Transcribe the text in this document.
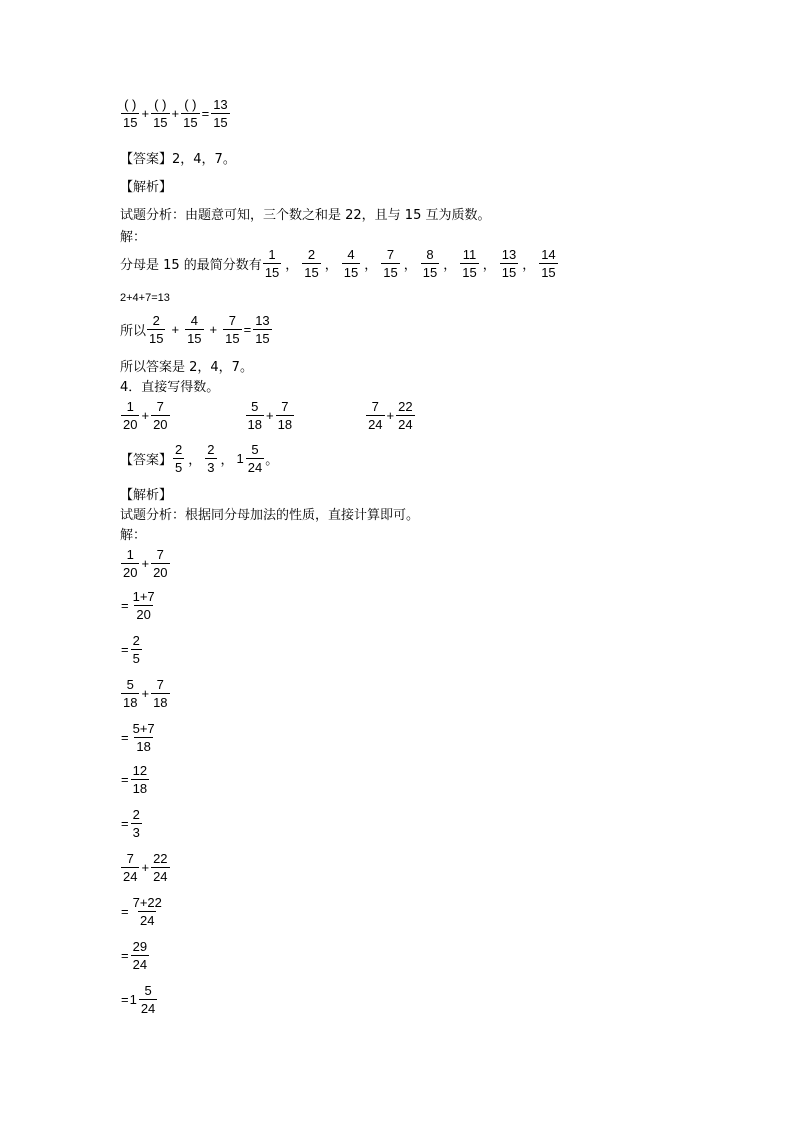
( )
15
+
( )
15
+
( )
15
= $\frac{13}{15}$
【答案】2，4，7。
【解析】
试题分析：由题意可知，三个数之和是 22，且与 15 互为质数。
解：
分母是 15 的最简分数有
1
15 ，
2
15 ，
4
15 ，
7
15 ，
8
15 ，
11
15 ，
13
15 ，
14
15
2+4+7=13
所以
2
15
+ $\frac{4}{15} + \frac{7}{15} = \frac{13}{15}$
所以答案是 2，4，7。
4．直接写得数。
1
20
+ $\frac{7}{20}$	5
18
+ $\frac{7}{18}$	7
24
+ $\frac{22}{24}$
【答案】
2
5 ，
2
3 ， 1
5
24 。
【解析】
试题分析：根据同分母加法的性质，直接计算即可。
解：
1
20
+ $\frac{7}{20}$
= $\frac{1+7}{20}$
= $\frac{2}{5}$
5
18
+ $\frac{7}{18}$
= $\frac{5+7}{18}$
= $\frac{12}{18}$
= $\frac{2}{3}$
7
24
+ $\frac{22}{24}$
= $\frac{7+22}{24}$
= $\frac{29}{24}$
= 1
5
24
